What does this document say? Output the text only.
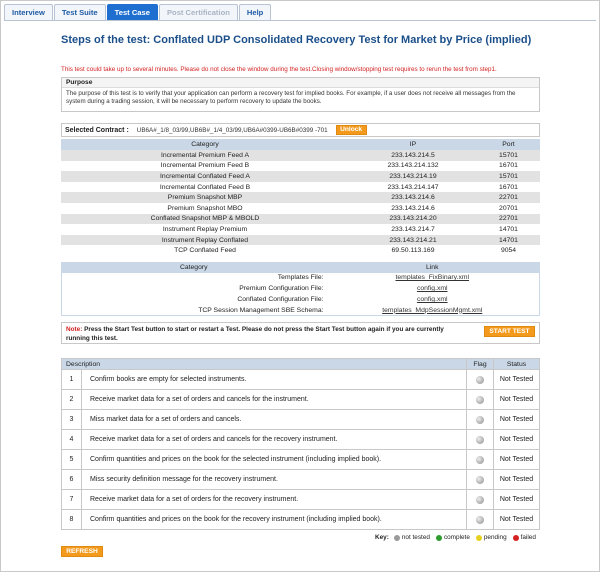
Interview	Test Suite	Test Case	Post Certification	Help
Steps of the test: Conflated UDP Consolidated Recovery Test for Market by Price (implied)
This test could take up to several minutes. Please do not close the window during the test.Closing window/stopping test requires to rerun the test from step1.
Purpose
The purpose of this test is to verify that your application can perform a recovery test for implied books. For example, if a user does not receive all messages from the system during a trading session, it will be necessary to perform recovery to update the books.
Selected Contract : UB6A#_1/8_03/99,UB6B#_1/4_03/99,UB6A#0399-UB6B#0399 -701	Unlock
Category	IP	Port
Incremental Premium Feed A	233.143.214.5	15701
Incremental Premium Feed B	233.143.214.132	16701
Incremental Conflated Feed A	233.143.214.19	15701
Incremental Conflated Feed B	233.143.214.147	16701
Premium Snapshot MBP	233.143.214.6	22701
Premium Snapshot MBO	233.143.214.6	20701
Conflated Snapshot MBP & MBOLD	233.143.214.20	22701
Instrument Replay Premium	233.143.214.7	14701
Instrument Replay Conflated	233.143.214.21	14701
TCP Conflated Feed	69.50.113.169	9054
Category	Link
Templates File:	templates_FixBinary.xml
Premium Configuration File:	config.xml
Conflated Configuration File:	config.xml
TCP Session Management SBE Schema:	templates_MdpSessionMgmt.xml
Note: Press the Start Test button to start or restart a Test. Please do not press the Start Test button again if you are currently running this test.
START TEST
Description		Flag	Status
1	Confirm books are empty for selected instruments.		Not Tested
2	Receive market data for a set of orders and cancels for the instrument.		Not Tested
3	Miss market data for a set of orders and cancels.		Not Tested
4	Receive market data for a set of orders and cancels for the recovery instrument.		Not Tested
5	Confirm quantities and prices on the book for the selected instrument (including implied book).		Not Tested
6	Miss security definition message for the recovery instrument.		Not Tested
7	Receive market data for a set of orders for the recovery instrument.		Not Tested
8	Confirm quantities and prices on the book for the recovery instrument (including implied book).		Not Tested
Key: not tested complete pending failed
REFRESH
